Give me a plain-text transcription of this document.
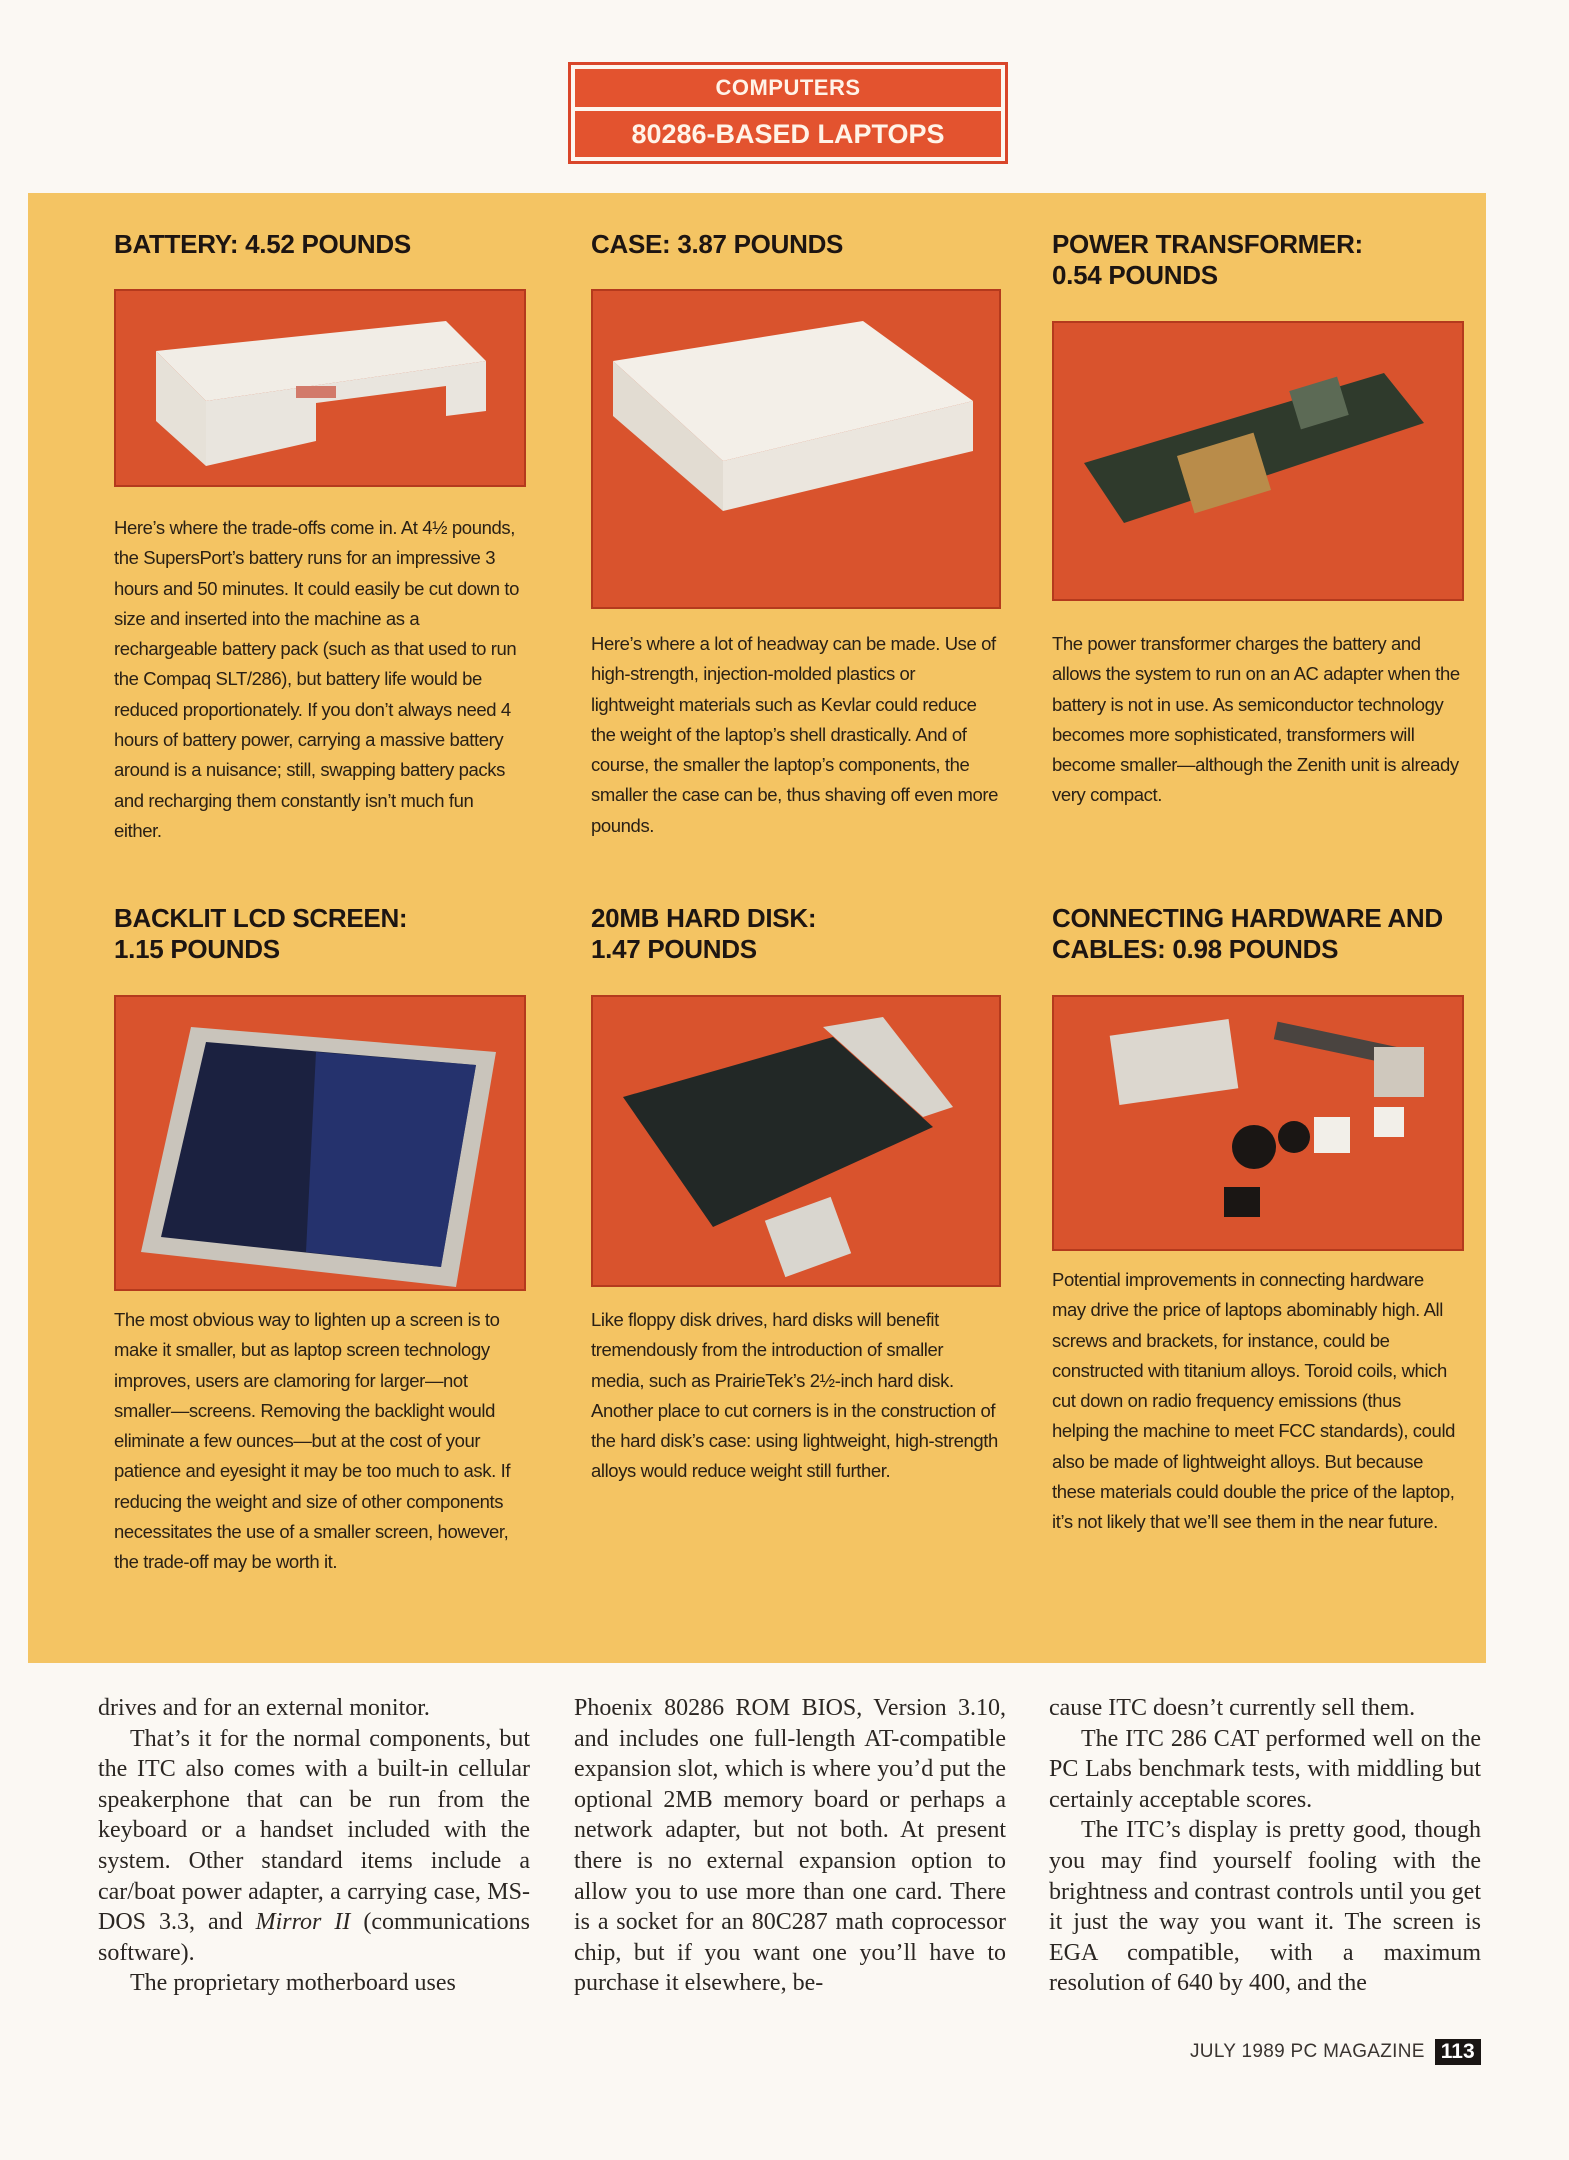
COMPUTERS
80286-BASED LAPTOPS
BATTERY: 4.52 POUNDS

Here’s where the trade-offs come in. At 4½ pounds, the SupersPort’s battery runs for an impressive 3 hours and 50 minutes. It could easily be cut down to size and inserted into the machine as a rechargeable battery pack (such as that used to run the Compaq SLT/286), but battery life would be reduced proportionately. If you don’t always need 4 hours of battery power, carrying a massive battery around is a nuisance; still, swapping battery packs and recharging them constantly isn’t much fun either.

CASE: 3.87 POUNDS

Here’s where a lot of headway can be made. Use of high-strength, injection-molded plastics or lightweight materials such as Kevlar could reduce the weight of the laptop’s shell drastically. And of course, the smaller the laptop’s components, the smaller the case can be, thus shaving off even more pounds.

POWER TRANSFORMER:
0.54 POUNDS

The power transformer charges the battery and allows the system to run on an AC adapter when the battery is not in use. As semiconductor technology becomes more sophisticated, transformers will become smaller—although the Zenith unit is already very compact.

BACKLIT LCD SCREEN:
1.15 POUNDS

The most obvious way to lighten up a screen is to make it smaller, but as laptop screen technology improves, users are clamoring for larger—not smaller—screens. Removing the backlight would eliminate a few ounces—but at the cost of your patience and eyesight it may be too much to ask. If reducing the weight and size of other components necessitates the use of a smaller screen, however, the trade-off may be worth it.

20MB HARD DISK:
1.47 POUNDS

Like floppy disk drives, hard disks will benefit tremendously from the introduction of smaller media, such as PrairieTek’s 2½-inch hard disk. Another place to cut corners is in the construction of the hard disk’s case: using lightweight, high-strength alloys would reduce weight still further.

CONNECTING HARDWARE AND
CABLES: 0.98 POUNDS

Potential improvements in connecting hardware may drive the price of laptops abominably high. All screws and brackets, for instance, could be constructed with titanium alloys. Toroid coils, which cut down on radio frequency emissions (thus helping the machine to meet FCC standards), could also be made of lightweight alloys. But because these materials could double the price of the laptop, it’s not likely that we’ll see them in the near future.

drives and for an external monitor.

That’s it for the normal components, but the ITC also comes with a built-in cellular speakerphone that can be run from the keyboard or a handset included with the system. Other standard items include a car/boat power adapter, a carrying case, MS-DOS 3.3, and Mirror II (communications software).

The proprietary motherboard uses

Phoenix 80286 ROM BIOS, Version 3.10, and includes one full-length AT-compatible expansion slot, which is where you’d put the optional 2MB memory board or perhaps a network adapter, but not both. At present there is no external expansion option to allow you to use more than one card. There is a socket for an 80C287 math coprocessor chip, but if you want one you’ll have to purchase it elsewhere, be-

cause ITC doesn’t currently sell them.

The ITC 286 CAT performed well on the PC Labs benchmark tests, with middling but certainly acceptable scores.

The ITC’s display is pretty good, though you may find yourself fooling with the brightness and contrast controls until you get it just the way you want it. The screen is EGA compatible, with a maximum resolution of 640 by 400, and the

JULY 1989 PC MAGAZINE 113
